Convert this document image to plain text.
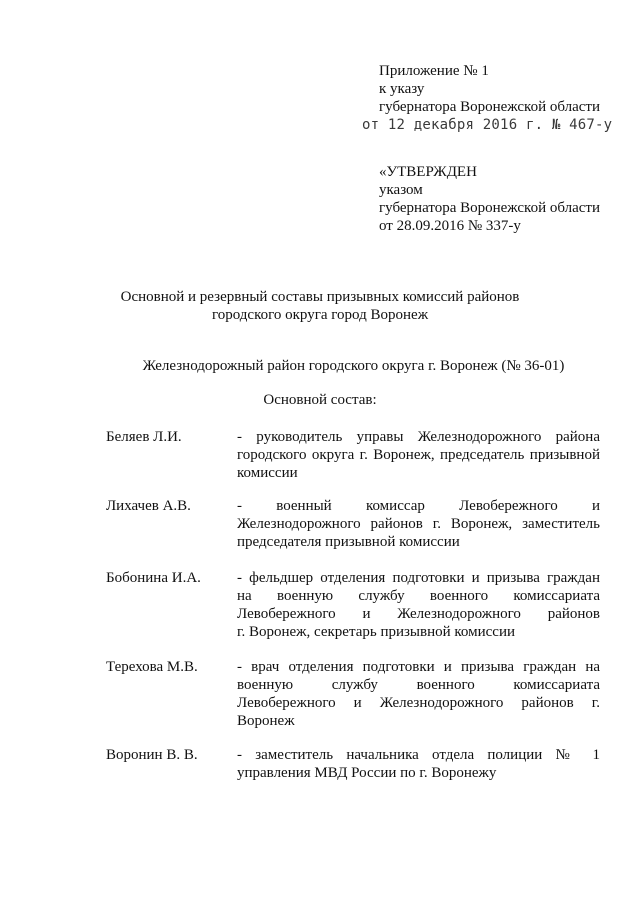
Приложение № 1
к указу
губернатора Воронежской области
от 12 декабря 2016 г. № 467-у
«УТВЕРЖДЕН
указом
губернатора Воронежской области
от 28.09.2016 № 337-у
Основной и резервный составы призывных комиссий районов
городского округа город Воронеж
Железнодорожный район городского округа г. Воронеж (№ 36-01)
Основной состав:
Беляев Л.И.	- руководитель управы Железнодорожного района
городского округа г. Воронеж, председатель призывной
комиссии
Лихачев А.В.	- военный комиссар Левобережного и
Железнодорожного районов г. Воронеж, заместитель
председателя призывной комиссии
Бобонина И.А.	- фельдшер отделения подготовки и призыва граждан
на военную службу военного комиссариата
Левобережного и Железнодорожного районов
г. Воронеж, секретарь призывной комиссии
Терехова М.В.	- врач отделения подготовки и призыва граждан на
военную службу военного комиссариата
Левобережного и Железнодорожного районов г.
Воронеж
Воронин В. В.	- заместитель начальника отдела полиции № 1
управления МВД России по г. Воронежу
